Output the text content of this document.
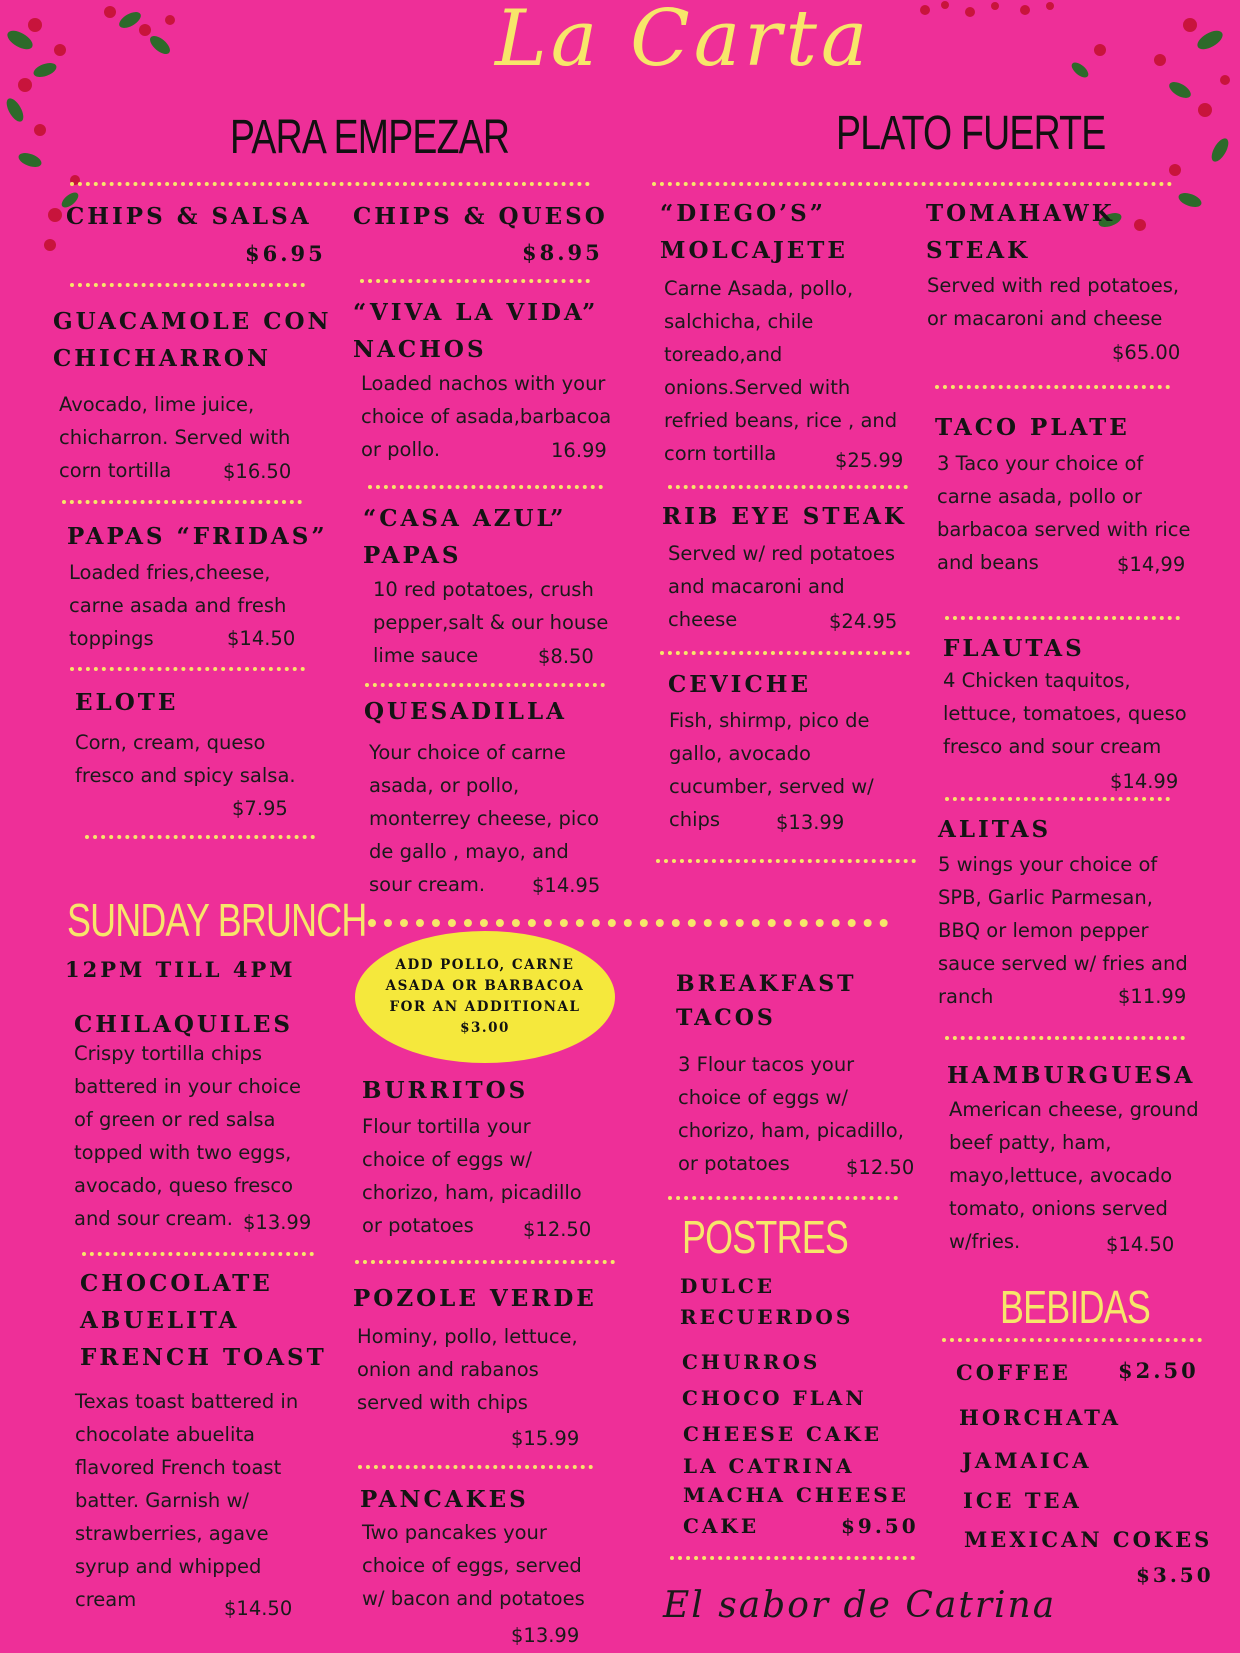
La Carta
PARA EMPEZAR	PLATO FUERTE
CHIPS & SALSA
$6.95
GUACAMOLE CON
CHICHARRON
Avocado, lime juice,
chicharron. Served with
corn tortilla	$16.50
PAPAS “FRIDAS”
Loaded fries,cheese,
carne asada and fresh
toppings	$14.50
ELOTE
Corn, cream, queso
fresco and spicy salsa.
$7.95
CHIPS & QUESO
$8.95
“VIVA LA VIDA”
NACHOS
Loaded nachos with your
choice of asada,barbacoa
or pollo.	16.99
“CASA AZUL”
PAPAS
10 red potatoes, crush
pepper,salt & our house
lime sauce	$8.50
QUESADILLA
Your choice of carne
asada, or pollo,
monterrey cheese, pico
de gallo , mayo, and
sour cream.	$14.95
“DIEGO’S”
MOLCAJETE
Carne Asada, pollo,
salchicha, chile
toreado,and
onions.Served with
refried beans, rice , and
corn tortilla	$25.99
RIB EYE STEAK
Served w/ red potatoes
and macaroni and
cheese	$24.95
CEVICHE
Fish, shirmp, pico de
gallo, avocado
cucumber, served w/
chips	$13.99
TOMAHAWK
STEAK
Served with red potatoes,
or macaroni and cheese
$65.00
TACO PLATE
3 Taco your choice of
carne asada, pollo or
barbacoa served with rice
and beans	$14,99
FLAUTAS
4 Chicken taquitos,
lettuce, tomatoes, queso
fresco and sour cream
$14.99
ALITAS
5 wings your choice of
SPB, Garlic Parmesan,
BBQ or lemon pepper
sauce served w/ fries and
ranch	$11.99
HAMBURGUESA
American cheese, ground
beef patty, ham,
mayo,lettuce, avocado
tomato, onions served
w/fries.	$14.50
SUNDAY BRUNCH
12PM TILL 4PM	ADD POLLO, CARNE
ASADA OR BARBACOA
FOR AN ADDITIONAL
$3.00
CHILAQUILES
Crispy tortilla chips
battered in your choice
of green or red salsa
topped with two eggs,
avocado, queso fresco
and sour cream. $13.99
CHOCOLATE
ABUELITA
FRENCH TOAST
Texas toast battered in
chocolate abuelita
flavored French toast
batter. Garnish w/
strawberries, agave
syrup and whipped
cream	$14.50
BURRITOS
Flour tortilla your
choice of eggs w/
chorizo, ham, picadillo
or potatoes	$12.50
POZOLE VERDE
Hominy, pollo, lettuce,
onion and rabanos
served with chips
$15.99
PANCAKES
Two pancakes your
choice of eggs, served
w/ bacon and potatoes
$13.99
BREAKFAST
TACOS
3 Flour tacos your
choice of eggs w/
chorizo, ham, picadillo,
or potatoes	$12.50
POSTRES
DULCE
RECUERDOS
CHURROS
CHOCO FLAN
CHEESE CAKE
LA CATRINA
MACHA CHEESE
CAKE	$9.50
BEBIDAS
COFFEE $2.50
HORCHATA
JAMAICA
ICE TEA
MEXICAN COKES
$3.50
El sabor de Catrina
